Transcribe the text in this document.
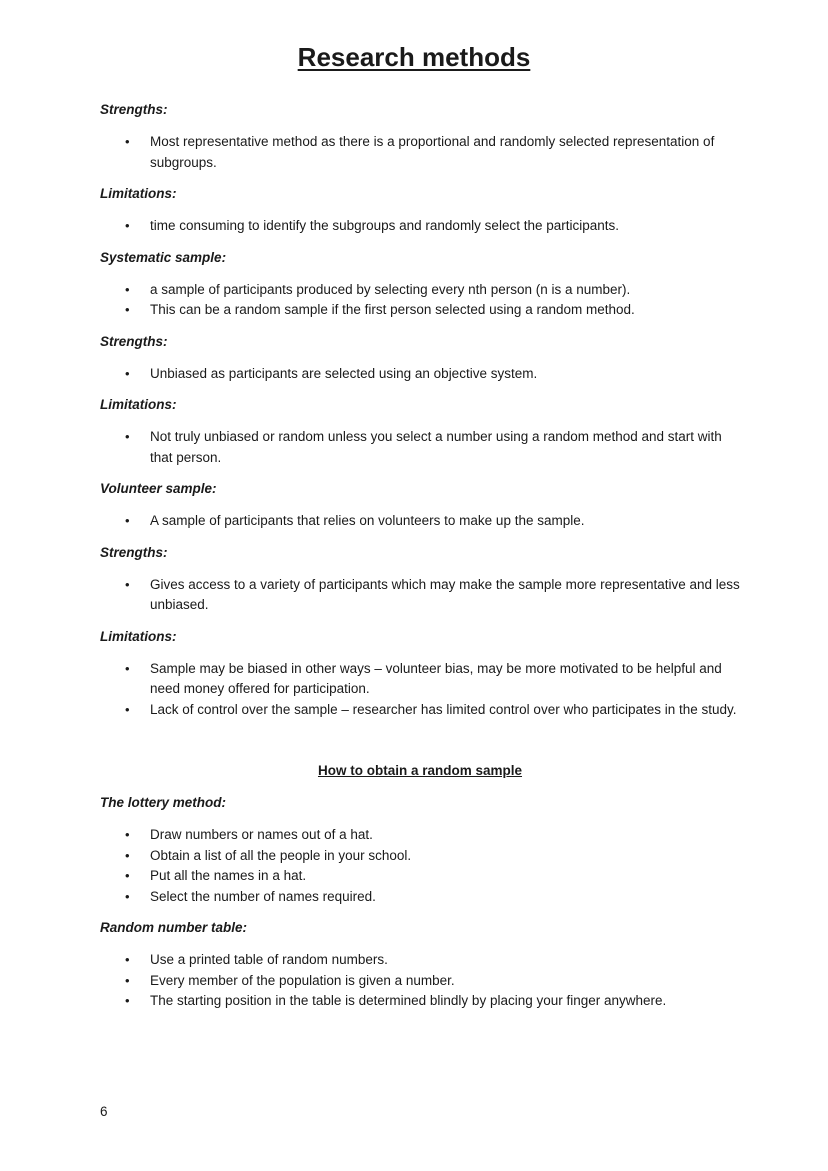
Research methods
Strengths:
• Most representative method as there is a proportional and randomly selected representation of subgroups.
Limitations:
• time consuming to identify the subgroups and randomly select the participants.
Systematic sample:
• a sample of participants produced by selecting every nth person (n is a number).
• This can be a random sample if the first person selected using a random method.
Strengths:
• Unbiased as participants are selected using an objective system.
Limitations:
• Not truly unbiased or random unless you select a number using a random method and start with that person.
Volunteer sample:
• A sample of participants that relies on volunteers to make up the sample.
Strengths:
• Gives access to a variety of participants which may make the sample more representative and less unbiased.
Limitations:
• Sample may be biased in other ways – volunteer bias, may be more motivated to be helpful and need money offered for participation.
• Lack of control over the sample – researcher has limited control over who participates in the study.
How to obtain a random sample
The lottery method:
• Draw numbers or names out of a hat.
• Obtain a list of all the people in your school.
• Put all the names in a hat.
• Select the number of names required.
Random number table:
• Use a printed table of random numbers.
• Every member of the population is given a number.
• The starting position in the table is determined blindly by placing your finger anywhere.
6
